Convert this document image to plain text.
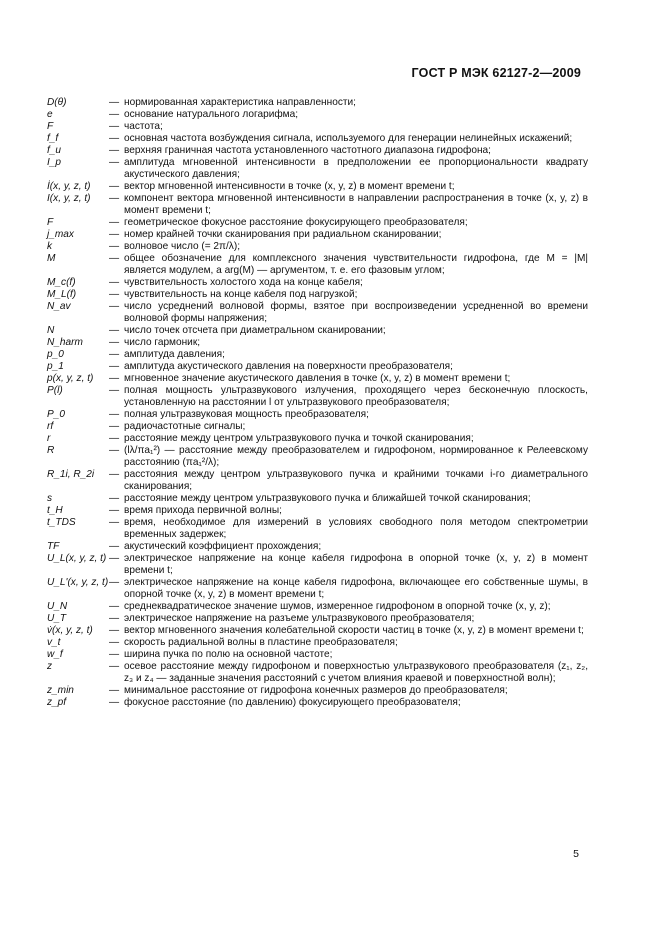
ГОСТ Р МЭК 62127-2—2009
D(θ)	— нормированная характеристика направленности;
e	— основание натурального логарифма;
F	— частота;
f_f	— основная частота возбуждения сигнала, используемого для генерации нелинейных искажений;
f_u	— верхняя граничная частота установленного частотного диапазона гидрофона;
I_p	— амплитуда мгновенной интенсивности в предположении ее пропорциональности квадрату акустического давления;
İ(x, y, z, t)	— вектор мгновенной интенсивности в точке (x, y, z) в момент времени t;
I(x, y, z, t)	— компонент вектора мгновенной интенсивности в направлении распространения в точке (x, y, z) в момент времени t;
F	— геометрическое фокусное расстояние фокусирующего преобразователя;
j_max	— номер крайней точки сканирования при радиальном сканировании;
k	— волновое число (= 2π/λ);
M	— общее обозначение для комплексного значения чувствительности гидрофона, где M = |M| является модулем, а arg(M) — аргументом, т. е. его фазовым углом;
M_c(f)	— чувствительность холостого хода на конце кабеля;
M_L(f)	— чувствительность на конце кабеля под нагрузкой;
N_av	— число усреднений волновой формы, взятое при воспроизведении усредненной во времени волновой формы напряжения;
N	— число точек отсчета при диаметральном сканировании;
N_harm	— число гармоник;
p_0	— амплитуда давления;
p_1	— амплитуда акустического давления на поверхности преобразователя;
p(x, y, z, t)	— мгновенное значение акустического давления в точке (x, y, z) в момент времени t;
P(l)	— полная мощность ультразвукового излучения, проходящего через бесконечную плоскость, установленную на расстоянии l от ультразвукового преобразователя;
P_0	— полная ультразвуковая мощность преобразователя;
rf	— радиочастотные сигналы;
r	— расстояние между центром ультразвукового пучка и точкой сканирования;
R	— (lλ/πa₁²) — расстояние между преобразователем и гидрофоном, нормированное к Релеевскому расстоянию (πa₁²/λ);
R_1i, R_2i	— расстояния между центром ультразвукового пучка и крайними точками i-го диаметрального сканирования;
s	— расстояние между центром ультразвукового пучка и ближайшей точкой сканирования;
t_H	— время прихода первичной волны;
t_TDS	— время, необходимое для измерений в условиях свободного поля методом спектрометрии временных задержек;
TF	— акустический коэффициент прохождения;
U_L(x, y, z, t) — электрическое напряжение на конце кабеля гидрофона в опорной точке (x, y, z) в момент времени t;
U_L'(x, y, z, t) — электрическое напряжение на конце кабеля гидрофона, включающее его собственные шумы, в опорной точке (x, y, z) в момент времени t;
U_N	— среднеквадратическое значение шумов, измеренное гидрофоном в опорной точке (x, y, z);
U_T	— электрическое напряжение на разъеме ультразвукового преобразователя;
v̇(x, y, z, t)	— вектор мгновенного значения колебательной скорости частиц в точке (x, y, z) в момент времени t;
v_t	— скорость радиальной волны в пластине преобразователя;
w_f	— ширина пучка по полю на основной частоте;
z	— осевое расстояние между гидрофоном и поверхностью ультразвукового преобразователя (z₁, z₂, z₃ и z₄ — заданные значения расстояний с учетом влияния краевой и поверхностной волн);
z_min	— минимальное расстояние от гидрофона конечных размеров до преобразователя;
z_pf	— фокусное расстояние (по давлению) фокусирующего преобразователя;
5
